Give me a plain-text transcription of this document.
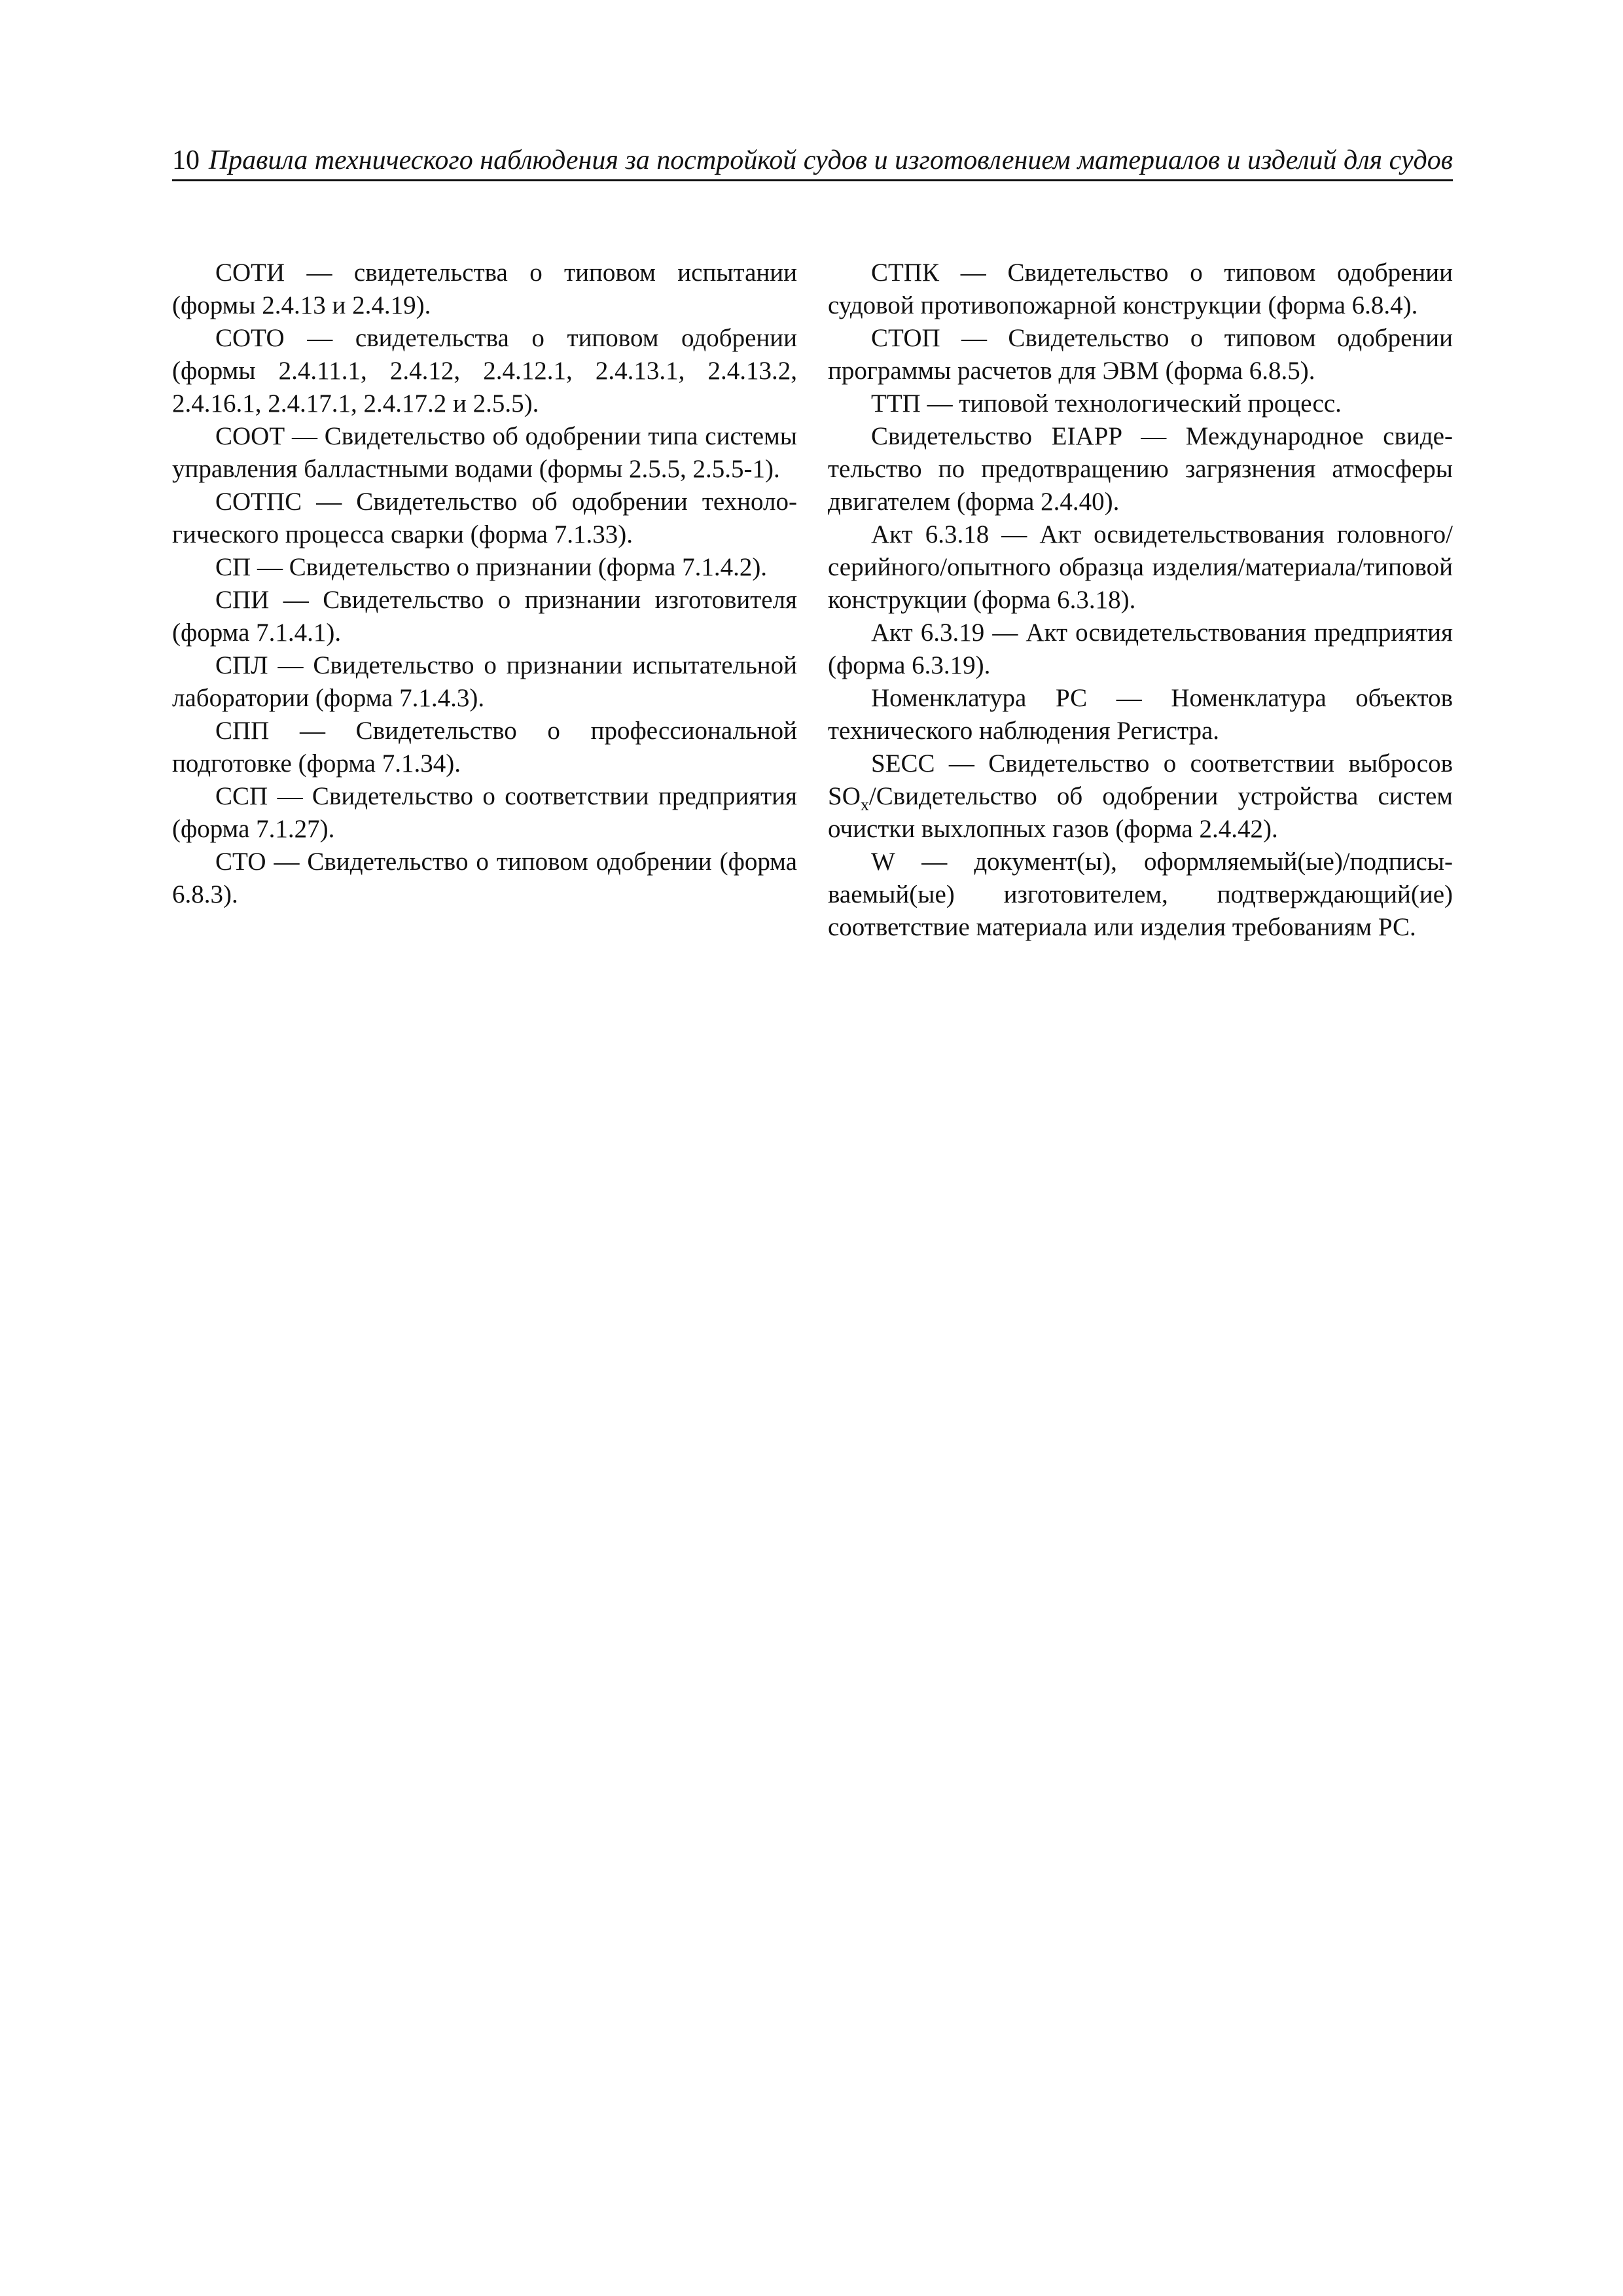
10 Правила технического наблюдения за постройкой судов и изготовлением материалов и изделий для судов

СОТИ — свидетельства о типовом испытании (формы 2.4.13 и 2.4.19).

СОТО — свидетельства о типовом одобрении (формы 2.4.11.1, 2.4.12, 2.4.12.1, 2.4.13.1, 2.4.13.2, 2.4.16.1, 2.4.17.1, 2.4.17.2 и 2.5.5).

СООТ — Свидетельство об одобрении типа системы управления балластными водами (формы 2.5.5, 2.5.5-1).

СОТПС — Свидетельство об одобрении технологического процесса сварки (форма 7.1.33).

СП — Свидетельство о признании (форма 7.1.4.2).

СПИ — Свидетельство о признании изготовителя (форма 7.1.4.1).

СПЛ — Свидетельство о признании испытательной лаборатории (форма 7.1.4.3).

СПП — Свидетельство о профессиональной подготовке (форма 7.1.34).

ССП — Свидетельство о соответствии предприятия (форма 7.1.27).

СТО — Свидетельство о типовом одобрении (форма 6.8.3).

СТПК — Свидетельство о типовом одобрении судовой противопожарной конструкции (форма 6.8.4).

СТОП — Свидетельство о типовом одобрении программы расчетов для ЭВМ (форма 6.8.5).

ТТП — типовой технологический процесс.

Свидетельство EIAPP — Международное свидетельство по предотвращению загрязнения атмосферы двигателем (форма 2.4.40).

Акт 6.3.18 — Акт освидетельствования головного/серийного/опытного образца изделия/материала/типовой конструкции (форма 6.3.18).

Акт 6.3.19 — Акт освидетельствования предприятия (форма 6.3.19).

Номенклатура РС — Номенклатура объектов технического наблюдения Регистра.

SECC — Свидетельство о соответствии выбросов $SO_x$/Свидетельство об одобрении устройства систем очистки выхлопных газов (форма 2.4.42).

W — документ(ы), оформляемый(ые)/подписываемый(ые) изготовителем, подтверждающий(ие) соответствие материала или изделия требованиям РС.
